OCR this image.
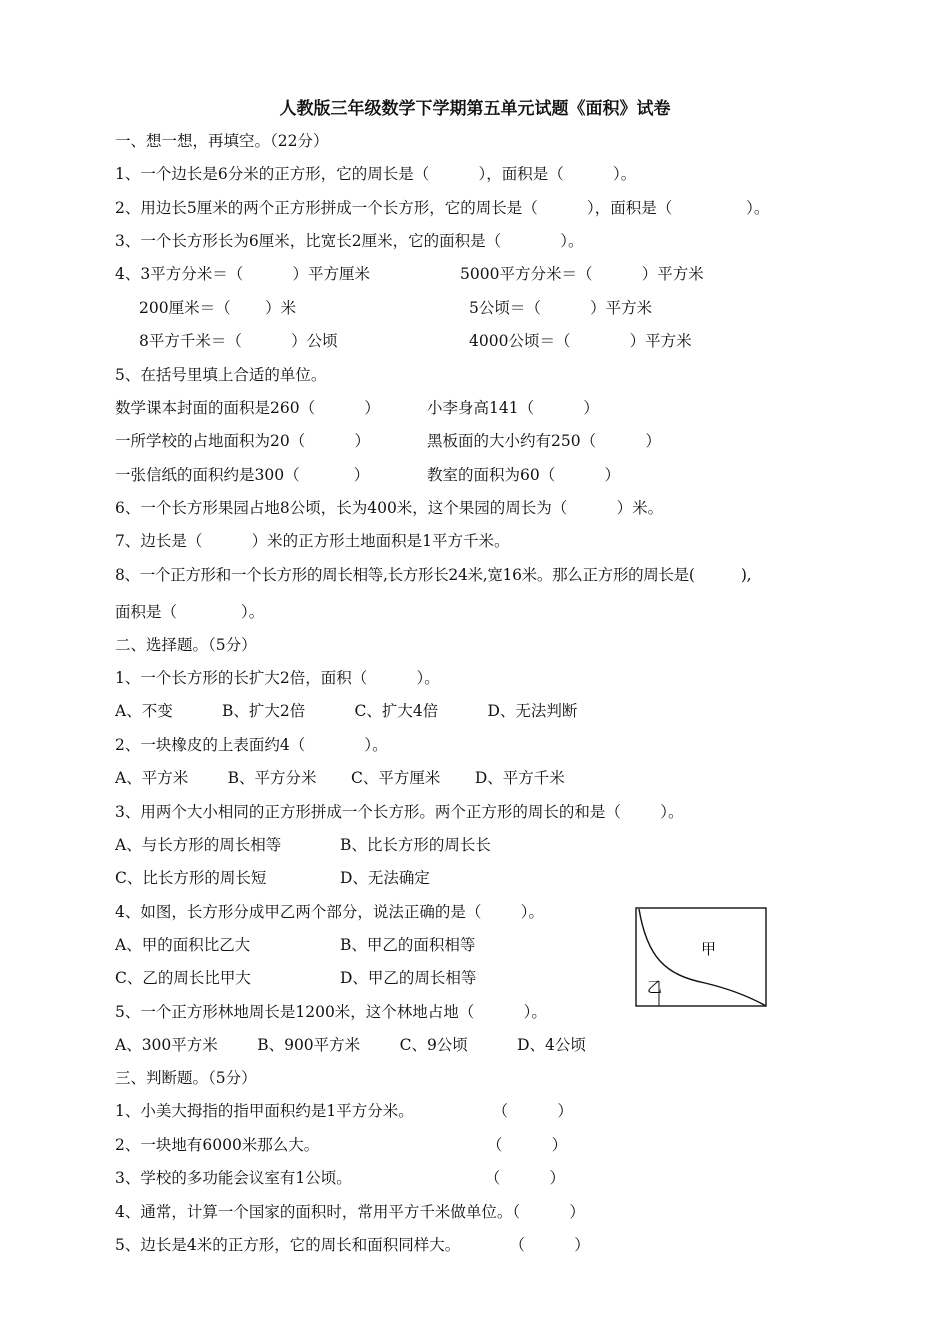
人教版三年级数学下学期第五单元试题《面积》试卷
一、想一想，再填空。（22分）
1、一个边长是6分米的正方形，它的周长是（          ），面积是（          ）。
2、用边长5厘米的两个正方形拼成一个长方形，它的周长是（          ），面积是（               ）。
3、一个长方形长为6厘米，比宽长2厘米，它的面积是（            ）。
4、3平方分米＝（          ）平方厘米	5000平方分米＝（          ）平方米
200厘米＝（       ）米	5公顷＝（          ）平方米
8平方千米＝（          ）公顷	4000公顷＝（            ）平方米
5、在括号里填上合适的单位。
数学课本封面的面积是260（          ）	小李身高141（          ）
一所学校的占地面积为20（          ）	黑板面的大小约有250（          ）
一张信纸的面积约是300（           ）	教室的面积为60（          ）
6、一个长方形果园占地8公顷，长为400米，这个果园的周长为（          ）米。
7、边长是（          ）米的正方形土地面积是1平方千米。
8、一个正方形和一个长方形的周长相等,长方形长24米,宽16米。那么正方形的周长是(          ),
面积是（             ）。
二、选择题。（5分）
1、一个长方形的长扩大2倍，面积（          ）。
A、不变          B、扩大2倍          C、扩大4倍          D、无法判断
2、一块橡皮的上表面约4（            ）。
A、平方米        B、平方分米       C、平方厘米       D、平方千米
3、用两个大小相同的正方形拼成一个长方形。两个正方形的周长的和是（        ）。
A、与长方形的周长相等	B、比长方形的周长长
C、比长方形的周长短	D、无法确定
4、如图，长方形分成甲乙两个部分，说法正确的是（        ）。
A、甲的面积比乙大	B、甲乙的面积相等
C、乙的周长比甲大	D、甲乙的周长相等
5、一个正方形林地周长是1200米，这个林地占地（          ）。
A、300平方米        B、900平方米        C、9公顷          D、4公顷
甲
乙
三、判断题。（5分）
1、小美大拇指的指甲面积约是1平方分米。                （          ）
2、一块地有6000米那么大。                                  （          ）
3、学校的多功能会议室有1公顷。                           （          ）
4、通常，计算一个国家的面积时，常用平方千米做单位。（          ）
5、边长是4米的正方形，它的周长和面积同样大。          （          ）
